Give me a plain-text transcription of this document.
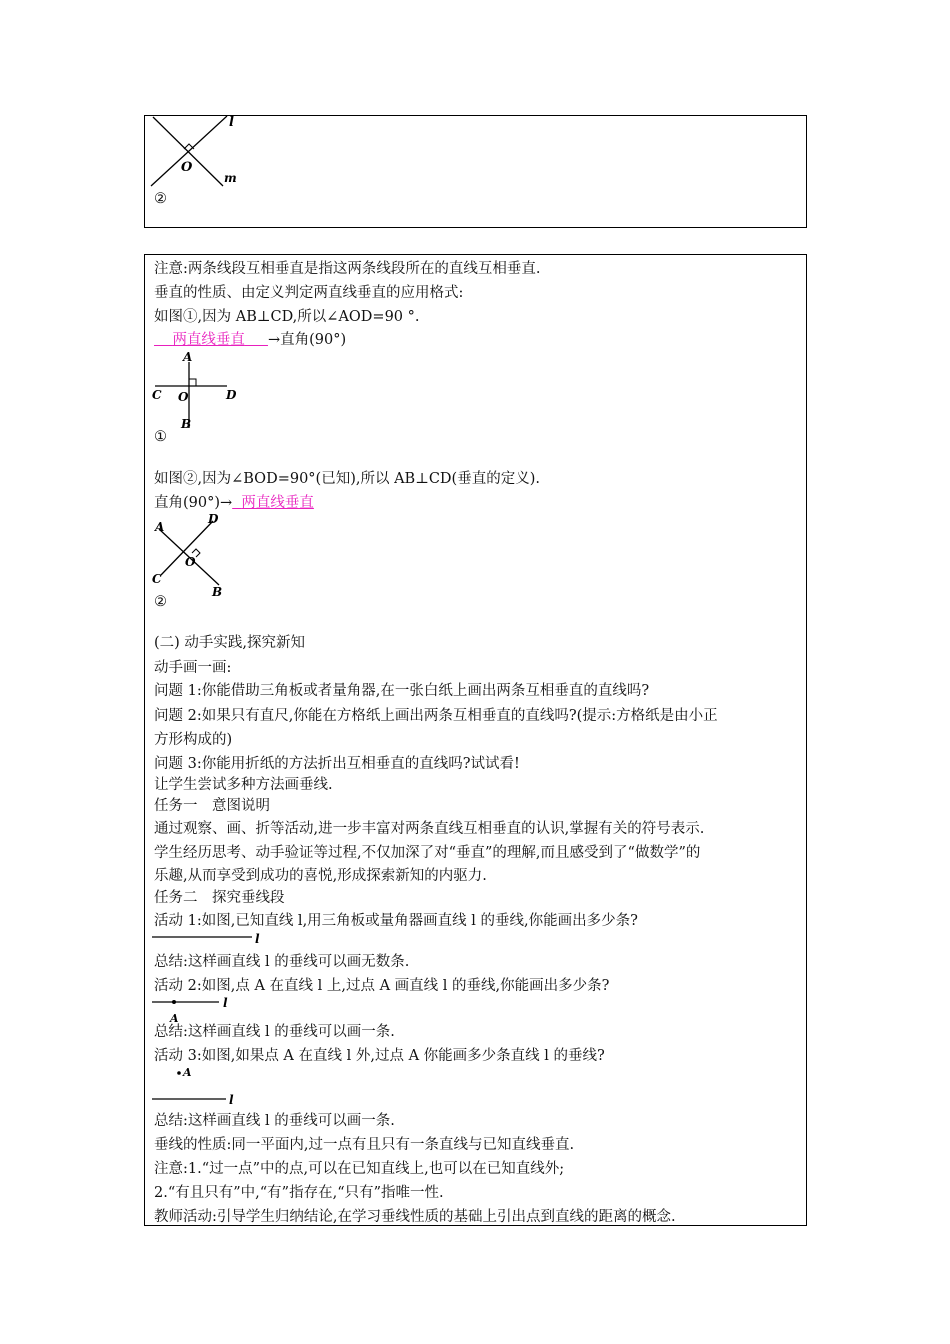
l
O
m
②
注意:两条线段互相垂直是指这两条线段所在的直线互相垂直.
垂直的性质、由定义判定两直线垂直的应用格式:
如图①,因为 AB⊥CD,所以∠AOD=90 °.
两直线垂直 →直角(90°)
A
C O	D
B
①
如图②,因为∠BOD=90°(已知),所以 AB⊥CD(垂直的定义).
直角(90°)→ 两直线垂直
A
D
O
C
B
②
(二) 动手实践,探究新知
动手画一画:
问题 1:你能借助三角板或者量角器,在一张白纸上画出两条互相垂直的直线吗?
问题 2:如果只有直尺,你能在方格纸上画出两条互相垂直的直线吗?(提示:方格纸是由小正
方形构成的)
问题 3:你能用折纸的方法折出互相垂直的直线吗?试试看!
让学生尝试多种方法画垂线.
任务一　意图说明
通过观察、画、折等活动,进一步丰富对两条直线互相垂直的认识,掌握有关的符号表示.
学生经历思考、动手验证等过程,不仅加深了对“垂直”的理解,而且感受到了“做数学”的
乐趣,从而享受到成功的喜悦,形成探索新知的内驱力.
任务二　探究垂线段
活动 1:如图,已知直线 l,用三角板或量角器画直线 l 的垂线,你能画出多少条?
l
总结:这样画直线 l 的垂线可以画无数条.
活动 2:如图,点 A 在直线 l 上,过点 A 画直线 l 的垂线,你能画出多少条?
l
A
总结:这样画直线 l 的垂线可以画一条.
活动 3:如图,如果点 A 在直线 l 外,过点 A 你能画多少条直线 l 的垂线?
A
l
总结:这样画直线 l 的垂线可以画一条.
垂线的性质:同一平面内,过一点有且只有一条直线与已知直线垂直.
注意:1.“过一点”中的点,可以在已知直线上,也可以在已知直线外;
2.“有且只有”中,“有”指存在,“只有”指唯一性.
教师活动:引导学生归纳结论,在学习垂线性质的基础上引出点到直线的距离的概念.
